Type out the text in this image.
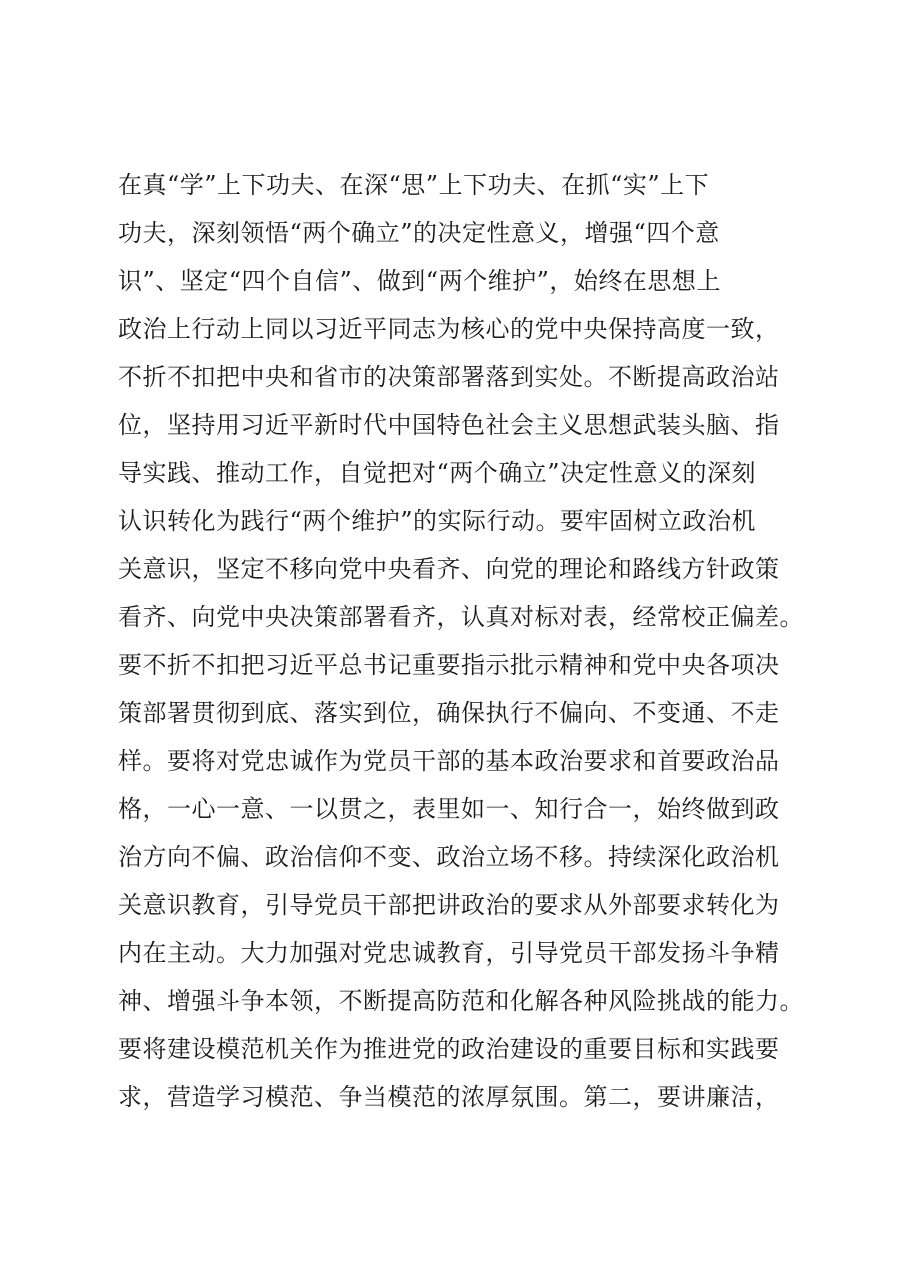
在真“学”上下功夫、在深“思”上下功夫、在抓“实”上下
功夫，深刻领悟“两个确立”的决定性意义，增强“四个意
识”、坚定“四个自信”、做到“两个维护”，始终在思想上
政治上行动上同以习近平同志为核心的党中央保持高度一致，
不折不扣把中央和省市的决策部署落到实处。不断提高政治站
位，坚持用习近平新时代中国特色社会主义思想武装头脑、指
导实践、推动工作，自觉把对“两个确立”决定性意义的深刻
认识转化为践行“两个维护”的实际行动。要牢固树立政治机
关意识，坚定不移向党中央看齐、向党的理论和路线方针政策
看齐、向党中央决策部署看齐，认真对标对表，经常校正偏差。
要不折不扣把习近平总书记重要指示批示精神和党中央各项决
策部署贯彻到底、落实到位，确保执行不偏向、不变通、不走
样。要将对党忠诚作为党员干部的基本政治要求和首要政治品
格，一心一意、一以贯之，表里如一、知行合一，始终做到政
治方向不偏、政治信仰不变、政治立场不移。持续深化政治机
关意识教育，引导党员干部把讲政治的要求从外部要求转化为
内在主动。大力加强对党忠诚教育，引导党员干部发扬斗争精
神、增强斗争本领，不断提高防范和化解各种风险挑战的能力。
要将建设模范机关作为推进党的政治建设的重要目标和实践要
求，营造学习模范、争当模范的浓厚氛围。第二，要讲廉洁，
